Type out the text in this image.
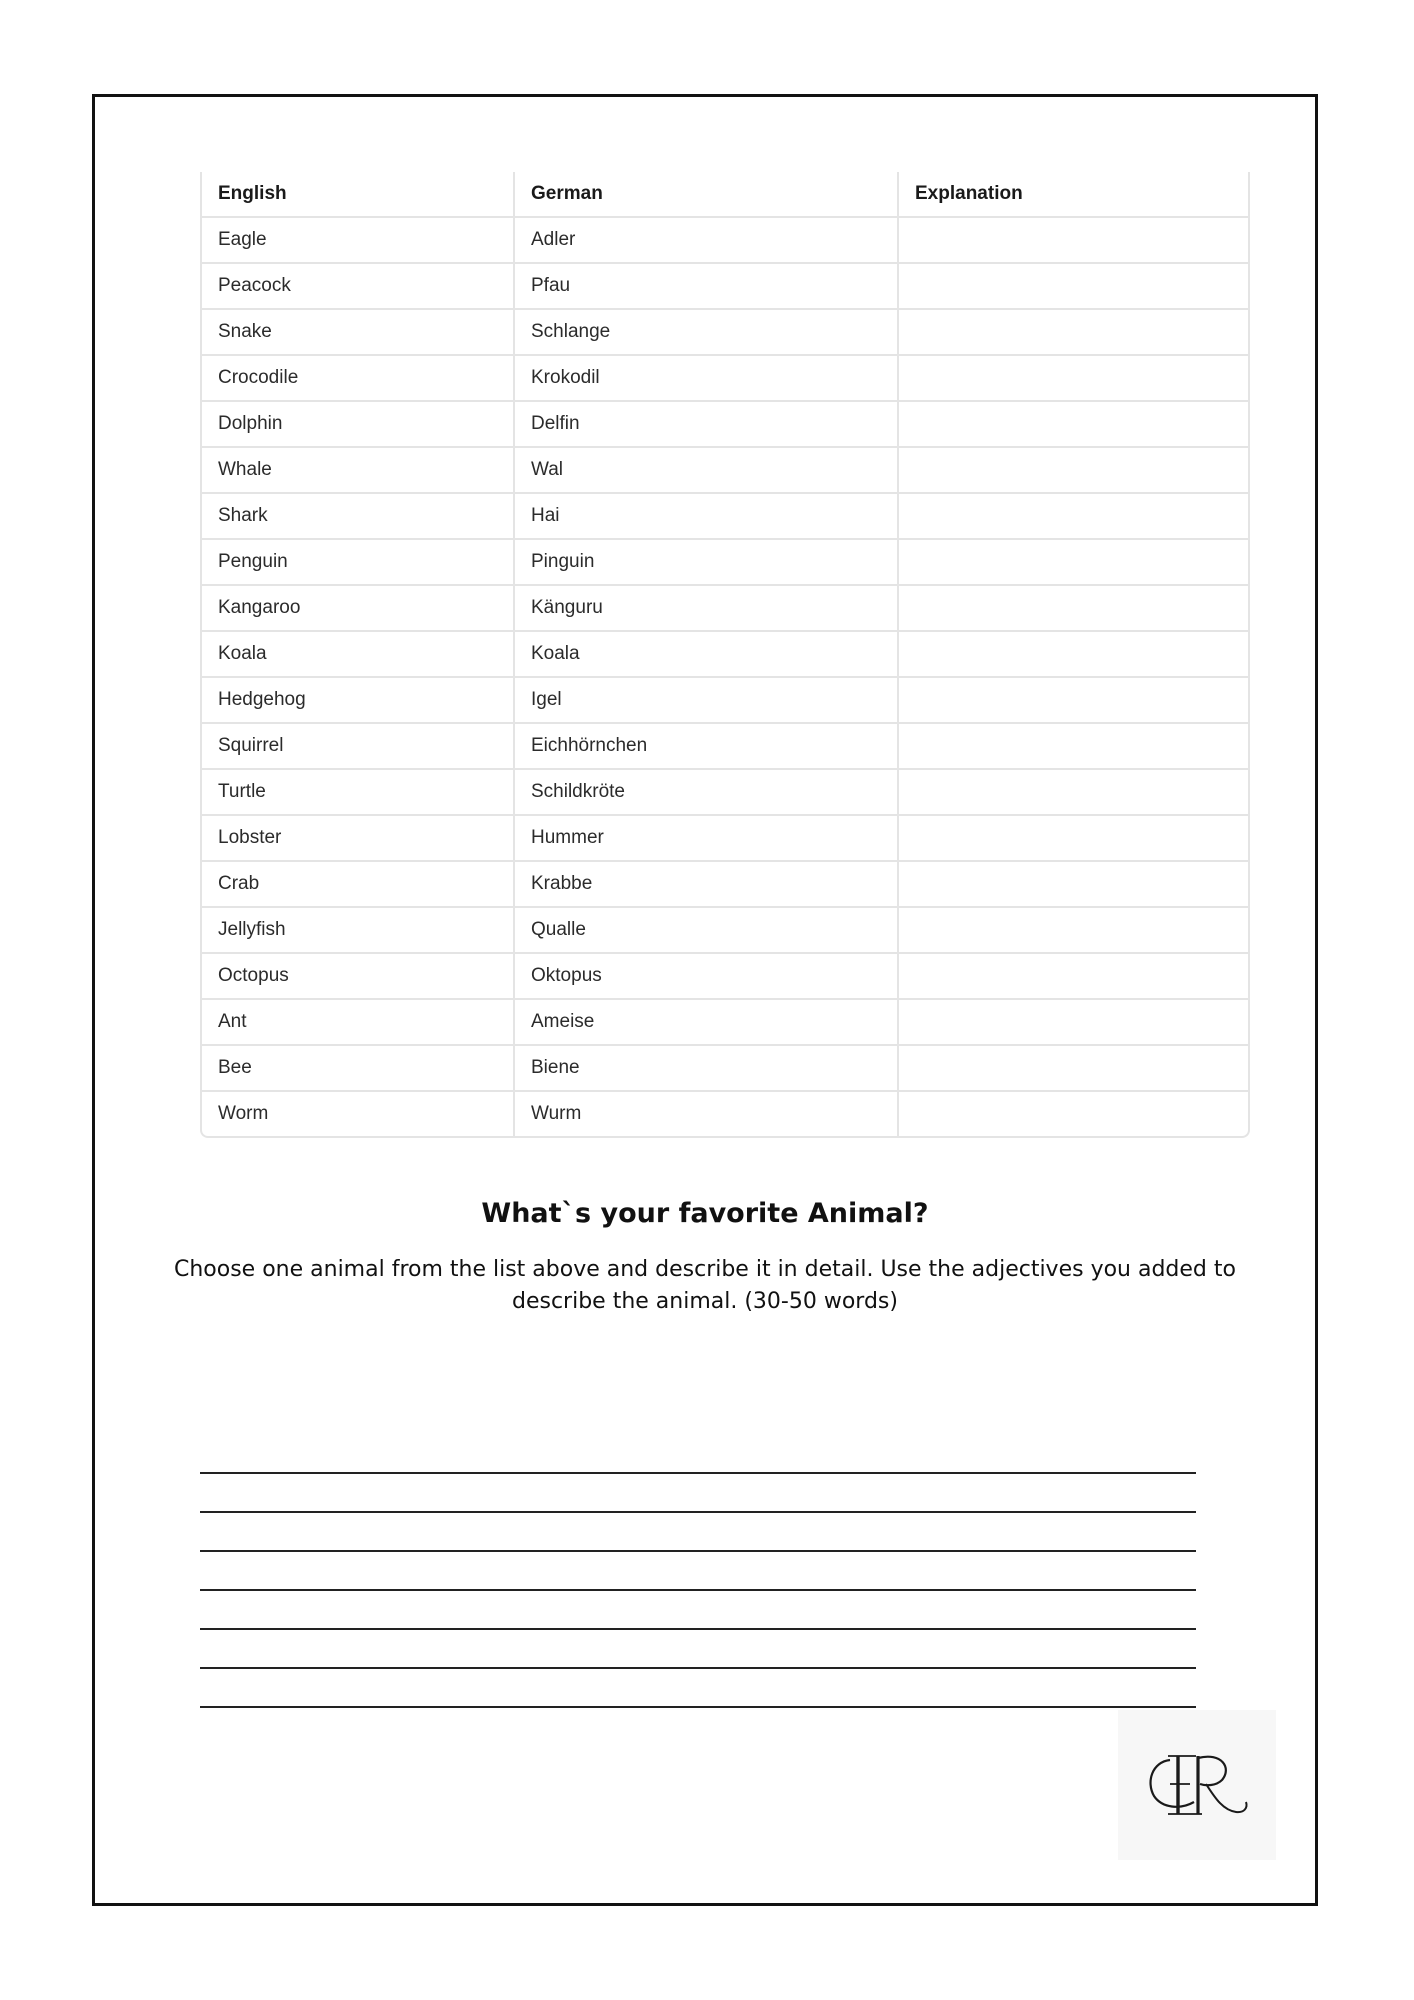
English	German	Explanation
Eagle	Adler	
Peacock	Pfau	
Snake	Schlange	
Crocodile	Krokodil	
Dolphin	Delfin	
Whale	Wal	
Shark	Hai	
Penguin	Pinguin	
Kangaroo	Känguru	
Koala	Koala	
Hedgehog	Igel	
Squirrel	Eichhörnchen	
Turtle	Schildkröte	
Lobster	Hummer	
Crab	Krabbe	
Jellyfish	Qualle	
Octopus	Oktopus	
Ant	Ameise	
Bee	Biene	
Worm	Wurm	
What`s your favorite Animal?
Choose one animal from the list above and describe it in detail. Use the adjectives you added to
describe the animal. (30-50 words)
